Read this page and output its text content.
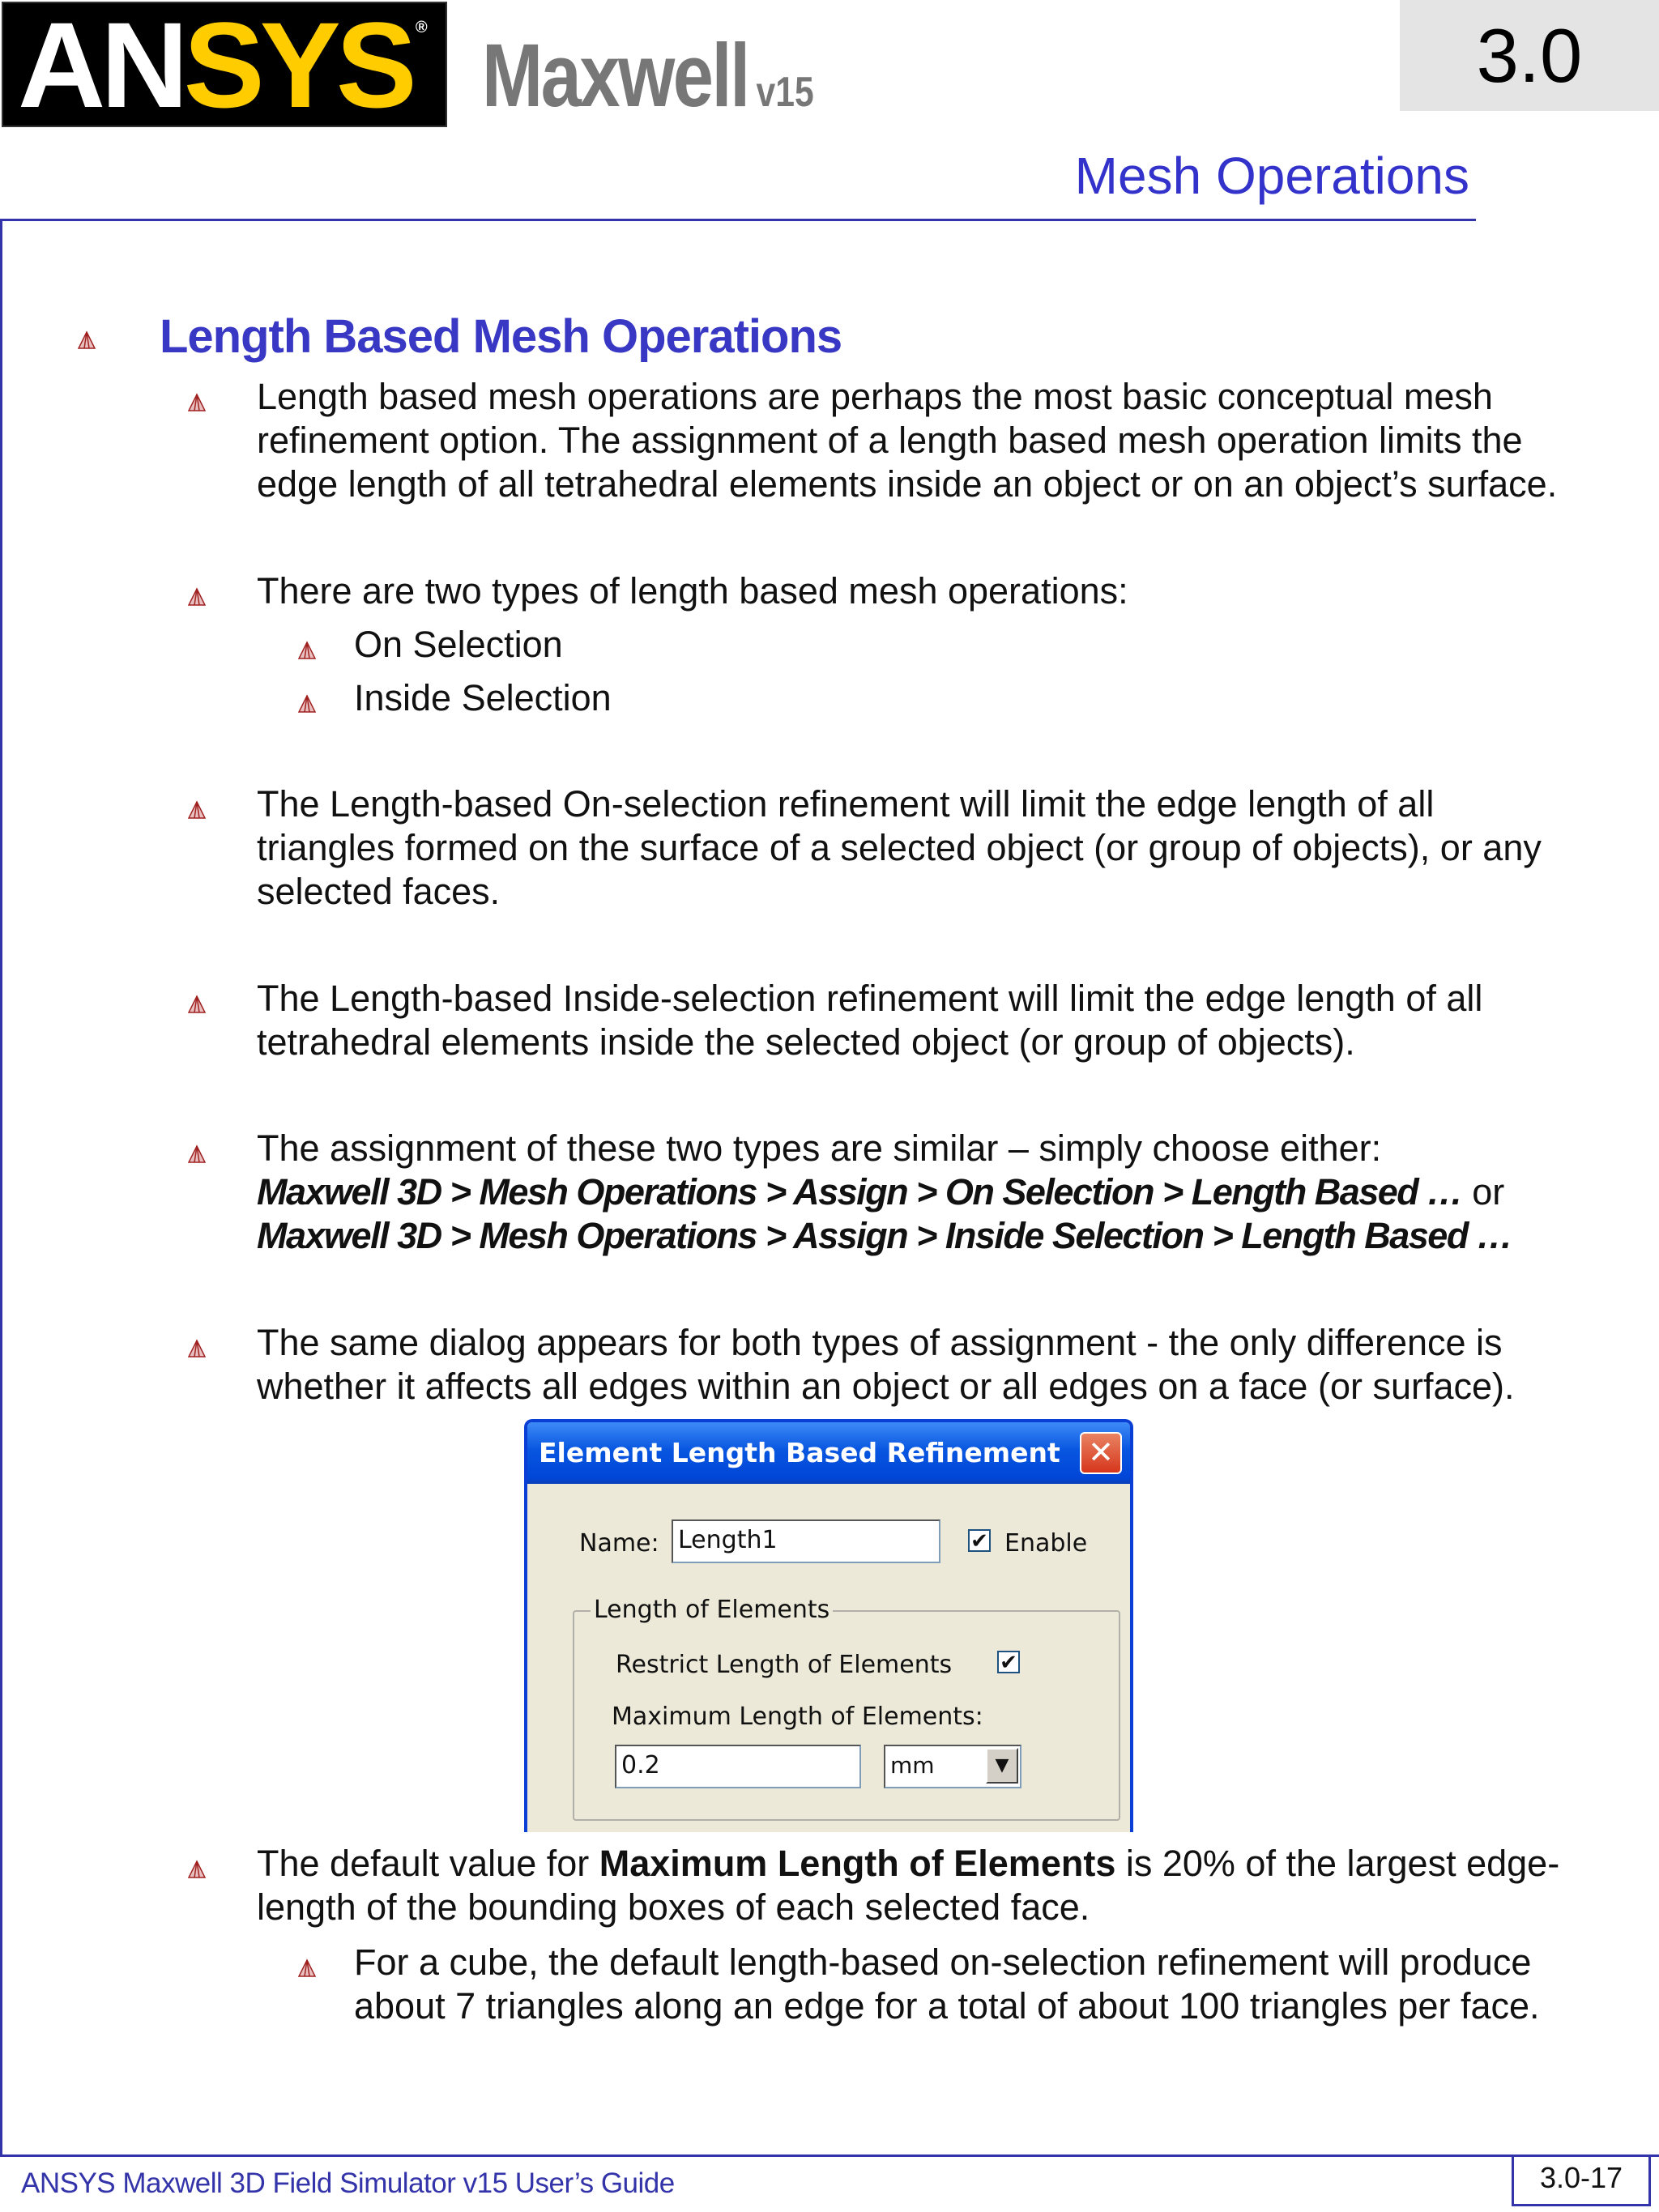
AN SYS® Maxwell v15	3.0
Mesh Operations
Length Based Mesh Operations
Length based mesh operations are perhaps the most basic conceptual mesh
refinement option. The assignment of a length based mesh operation limits the
edge length of all tetrahedral elements inside an object or on an object’s surface.
There are two types of length based mesh operations:
On Selection
Inside Selection
The Length-based On-selection refinement will limit the edge length of all
triangles formed on the surface of a selected object (or group of objects), or any
selected faces.
The Length-based Inside-selection refinement will limit the edge length of all
tetrahedral elements inside the selected object (or group of objects).
The assignment of these two types are similar – simply choose either:
Maxwell 3D > Mesh Operations > Assign > On Selection > Length Based … or
Maxwell 3D > Mesh Operations > Assign > Inside Selection > Length Based …
The same dialog appears for both types of assignment - the only difference is
whether it affects all edges within an object or all edges on a face (or surface).
Element Length Based Refinement ✕
Name: Length1	✔ Enable
Length of Elements
Restrict Length of Elements ✔
Maximum Length of Elements:
0.2	mm	▼
The default value for Maximum Length of Elements is 20% of the largest edge-
length of the bounding boxes of each selected face.
For a cube, the default length-based on-selection refinement will produce
about 7 triangles along an edge for a total of about 100 triangles per face.
ANSYS Maxwell 3D Field Simulator v15 User’s Guide	3.0-17
